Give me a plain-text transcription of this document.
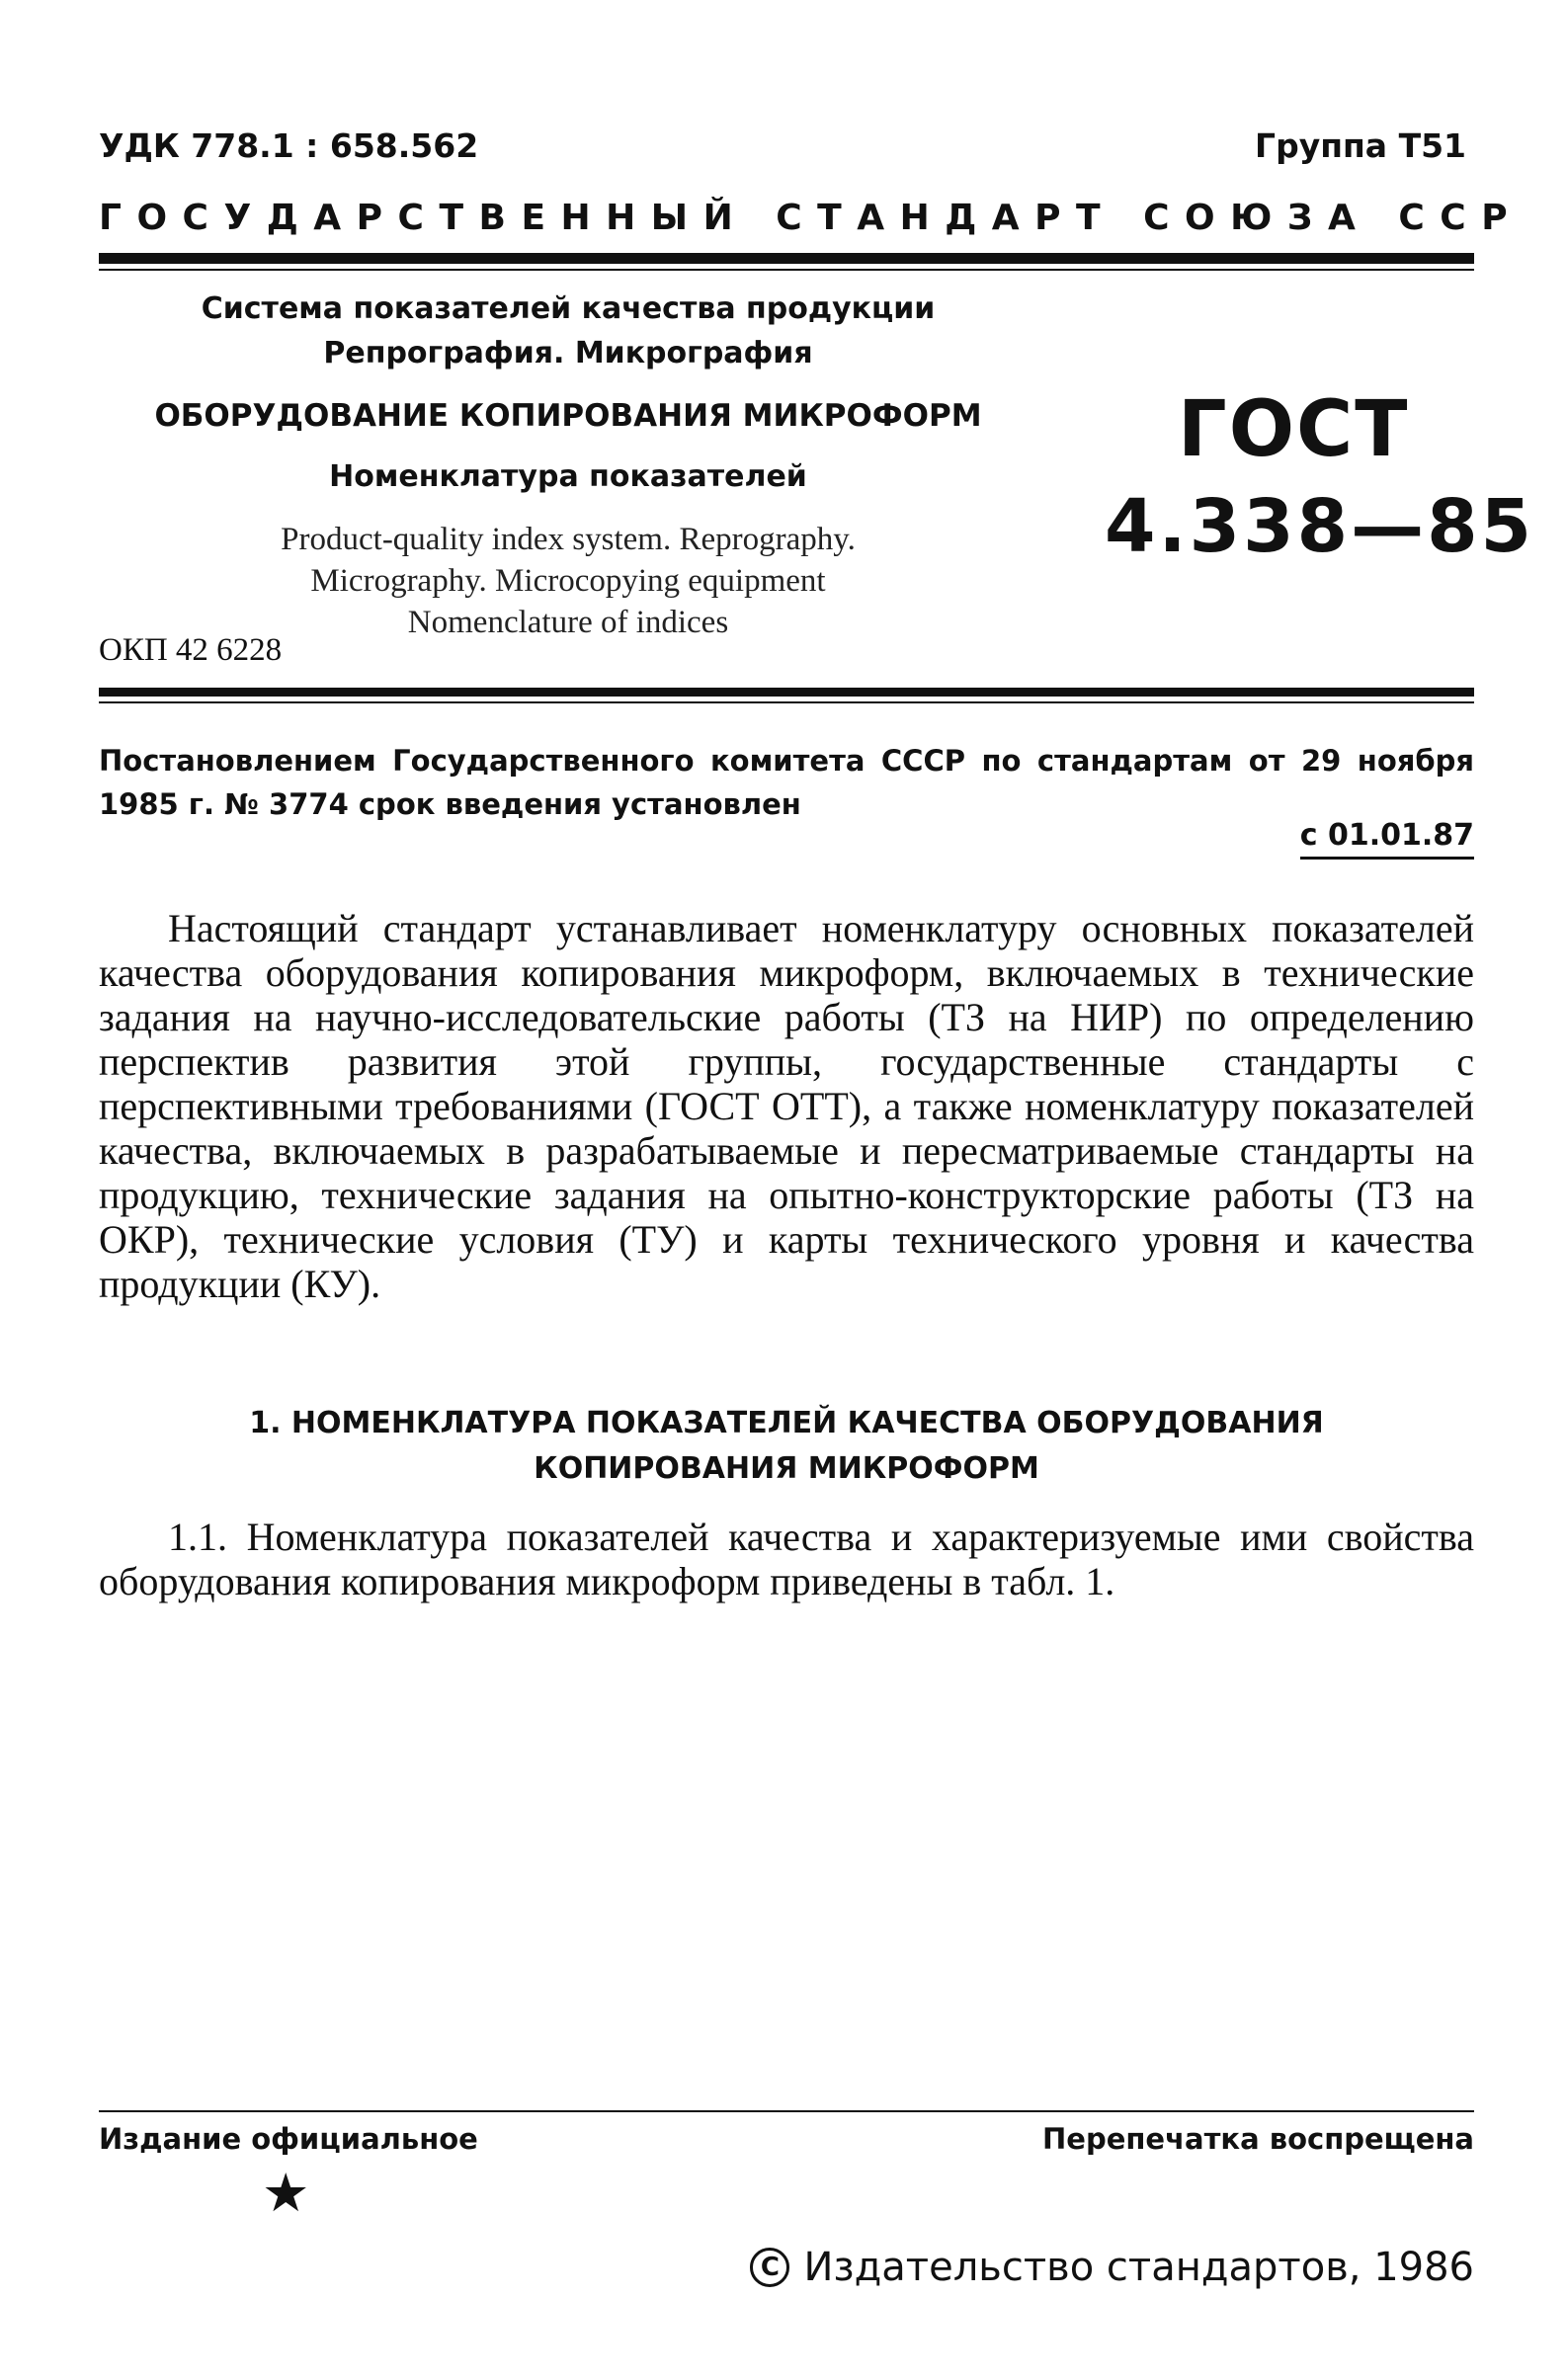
УДК 778.1 : 658.562	Группа Т51
ГОСУДАРСТВЕННЫЙ СТАНДАРТ СОЮЗА ССР
Система показателей качества продукции
Репрография. Микрография
ОБОРУДОВАНИЕ КОПИРОВАНИЯ МИКРОФОРМ
Номенклатура показателей
Product-quality index system. Reprography.
Micrography. Microcopying equipment
Nomenclature of indices
ОКП 42 6228
ГОСТ
4.338—85
Постановлением Государственного комитета СССР по стандартам от 29 ноября 1985 г. № 3774 срок введения установлен
с 01.01.87
Настоящий стандарт устанавливает номенклатуру основных показателей качества оборудования копирования микроформ, включаемых в технические задания на научно-исследовательские работы (ТЗ на НИР) по определению перспектив развития этой группы, государственные стандарты с перспективными требованиями (ГОСТ ОТТ), а также номенклатуру показателей качества, включаемых в разрабатываемые и пересматриваемые стандарты на продукцию, технические задания на опытно-конструкторские работы (ТЗ на ОКР), технические условия (ТУ) и карты технического уровня и качества продукции (КУ).
1. НОМЕНКЛАТУРА ПОКАЗАТЕЛЕЙ КАЧЕСТВА ОБОРУДОВАНИЯ
КОПИРОВАНИЯ МИКРОФОРМ
1.1. Номенклатура показателей качества и характеризуемые ими свойства оборудования копирования микроформ приведены в табл. 1.
Издание официальное	Перепечатка воспрещена
★
C Издательство стандартов, 1986
